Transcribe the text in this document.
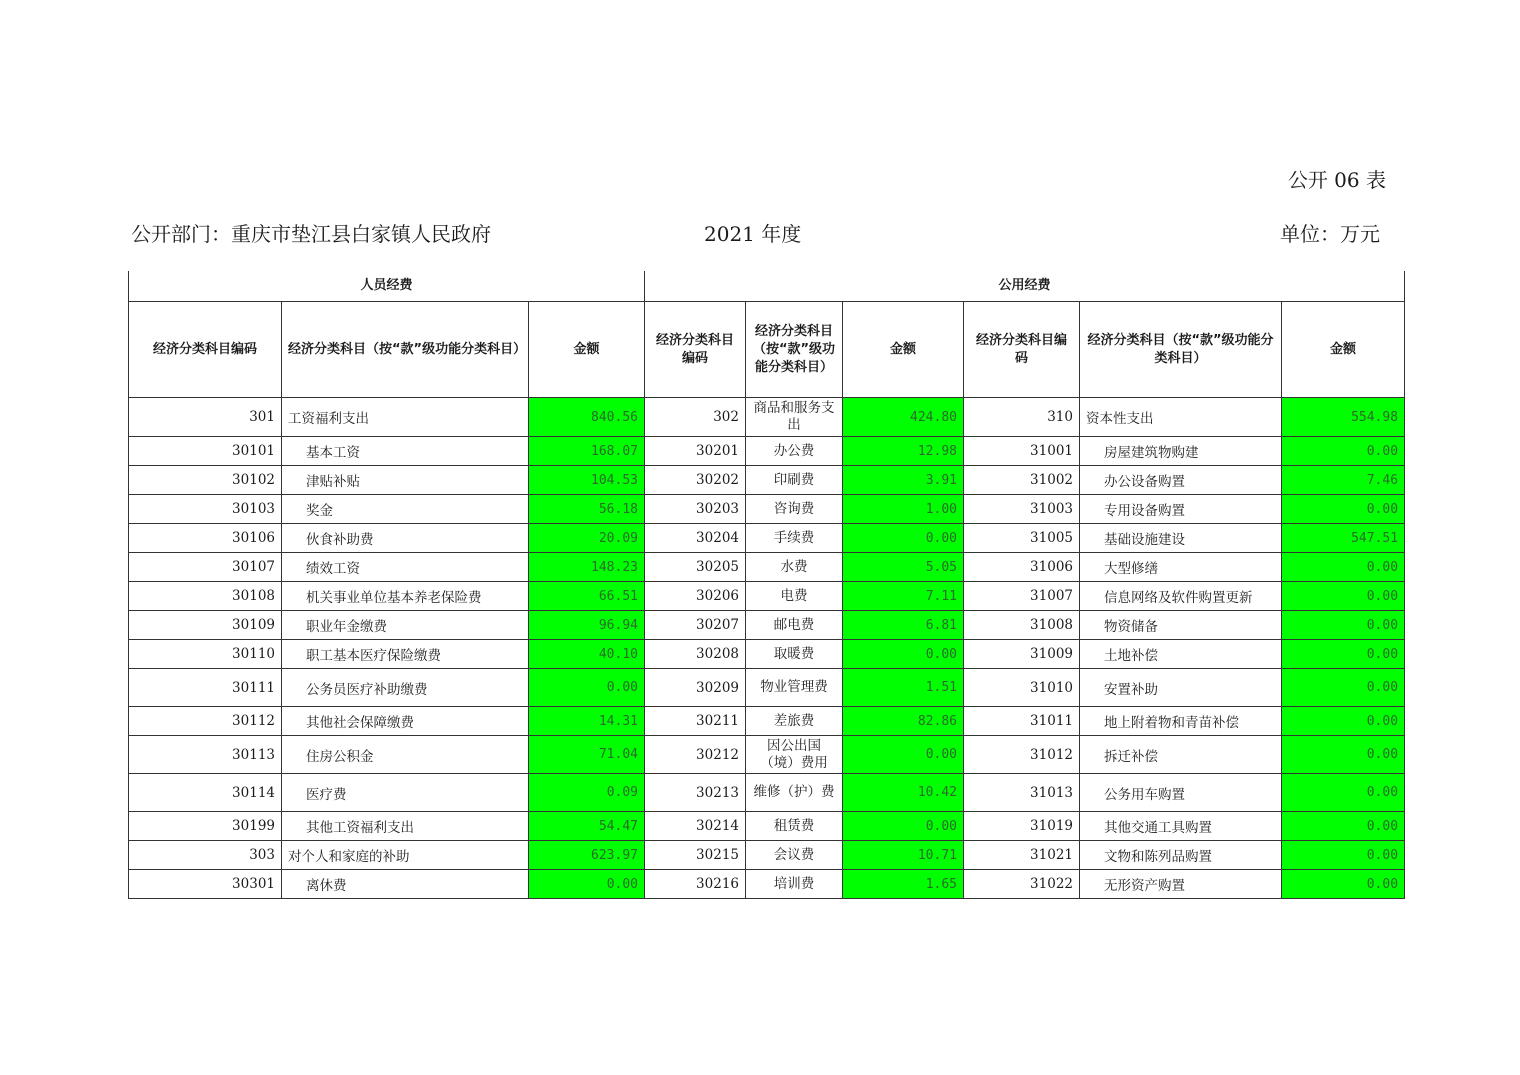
公开 06 表
公开部门：重庆市垫江县白家镇人民政府	2021 年度	单位：万元
人员经费			公用经费					
经济分类科目编码	经济分类科目（按“款”级功能分类科目）	金额	经济分类科目编码	经济分类科目（按“款”级功能分类科目）	金额	经济分类科目编码	经济分类科目（按“款”级功能分类科目）	金额
301	工资福利支出	840.56	302	商品和服务支出	424.80	310	资本性支出	554.98
30101	基本工资	168.07	30201	办公费	12.98	31001	房屋建筑物购建	0.00
30102	津贴补贴	104.53	30202	印刷费	3.91	31002	办公设备购置	7.46
30103	奖金	56.18	30203	咨询费	1.00	31003	专用设备购置	0.00
30106	伙食补助费	20.09	30204	手续费	0.00	31005	基础设施建设	547.51
30107	绩效工资	148.23	30205	水费	5.05	31006	大型修缮	0.00
30108	机关事业单位基本养老保险费	66.51	30206	电费	7.11	31007	信息网络及软件购置更新	0.00
30109	职业年金缴费	96.94	30207	邮电费	6.81	31008	物资储备	0.00
30110	职工基本医疗保险缴费	40.10	30208	取暖费	0.00	31009	土地补偿	0.00
30111	公务员医疗补助缴费	0.00	30209	物业管理费	1.51	31010	安置补助	0.00
30112	其他社会保障缴费	14.31	30211	差旅费	82.86	31011	地上附着物和青苗补偿	0.00
30113	住房公积金	71.04	30212	因公出国（境）费用	0.00	31012	拆迁补偿	0.00
30114	医疗费	0.09	30213	维修（护）费	10.42	31013	公务用车购置	0.00
30199	其他工资福利支出	54.47	30214	租赁费	0.00	31019	其他交通工具购置	0.00
303	对个人和家庭的补助	623.97	30215	会议费	10.71	31021	文物和陈列品购置	0.00
30301	离休费	0.00	30216	培训费	1.65	31022	无形资产购置	0.00
